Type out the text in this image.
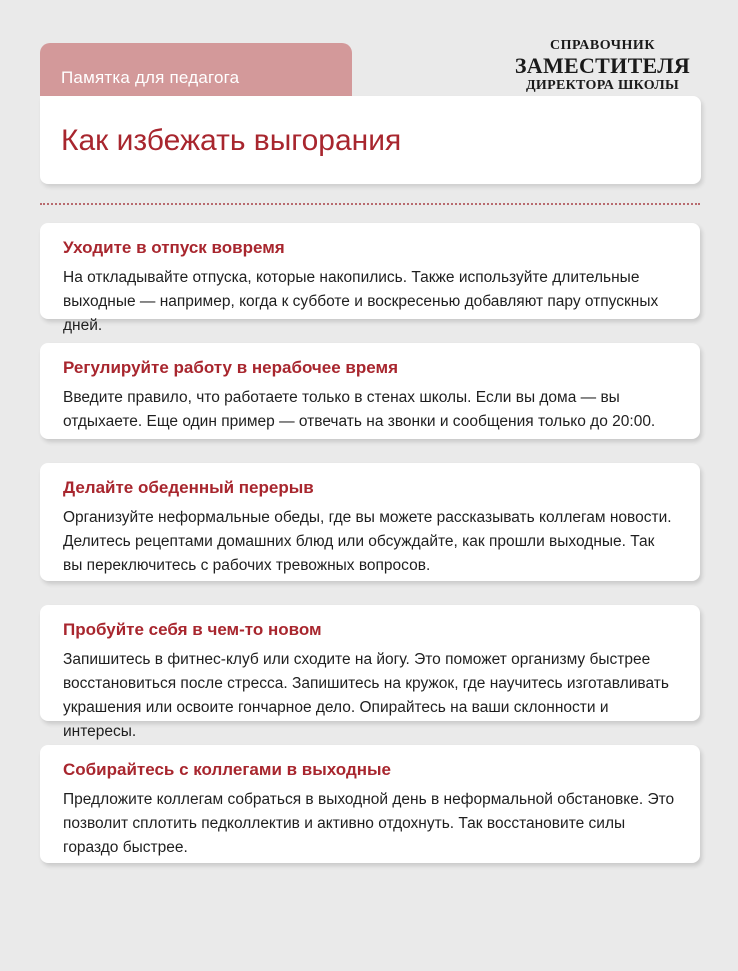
Памятка для педагога
Как избежать выгорания
СПРАВОЧНИК
ЗАМЕСТИТЕЛЯ
ДИРЕКТОРА ШКОЛЫ
Уходите в отпуск вовремя

На откладывайте отпуска, которые накопились. Также используйте длительные выходные — например, когда к субботе и воскресенью добавляют пару отпускных дней.

Регулируйте работу в нерабочее время

Введите правило, что работаете только в стенах школы. Если вы дома — вы отдыхаете. Еще один пример — отвечать на звонки и сообщения только до 20:00.

Делайте обеденный перерыв

Организуйте неформальные обеды, где вы можете рассказывать коллегам новости. Делитесь рецептами домашних блюд или обсуждайте, как прошли выходные. Так вы переключитесь с рабочих тревожных вопросов.

Пробуйте себя в чем-то новом

Запишитесь в фитнес-клуб или сходите на йогу. Это поможет организму быстрее восстановиться после стресса. Запишитесь на кружок, где научитесь изготавливать украшения или освоите гончарное дело. Опирайтесь на ваши склонности и интересы.

Собирайтесь с коллегами в выходные

Предложите коллегам собраться в выходной день в неформальной обстановке. Это позволит сплотить педколлектив и активно отдохнуть. Так восстановите силы гораздо быстрее.
